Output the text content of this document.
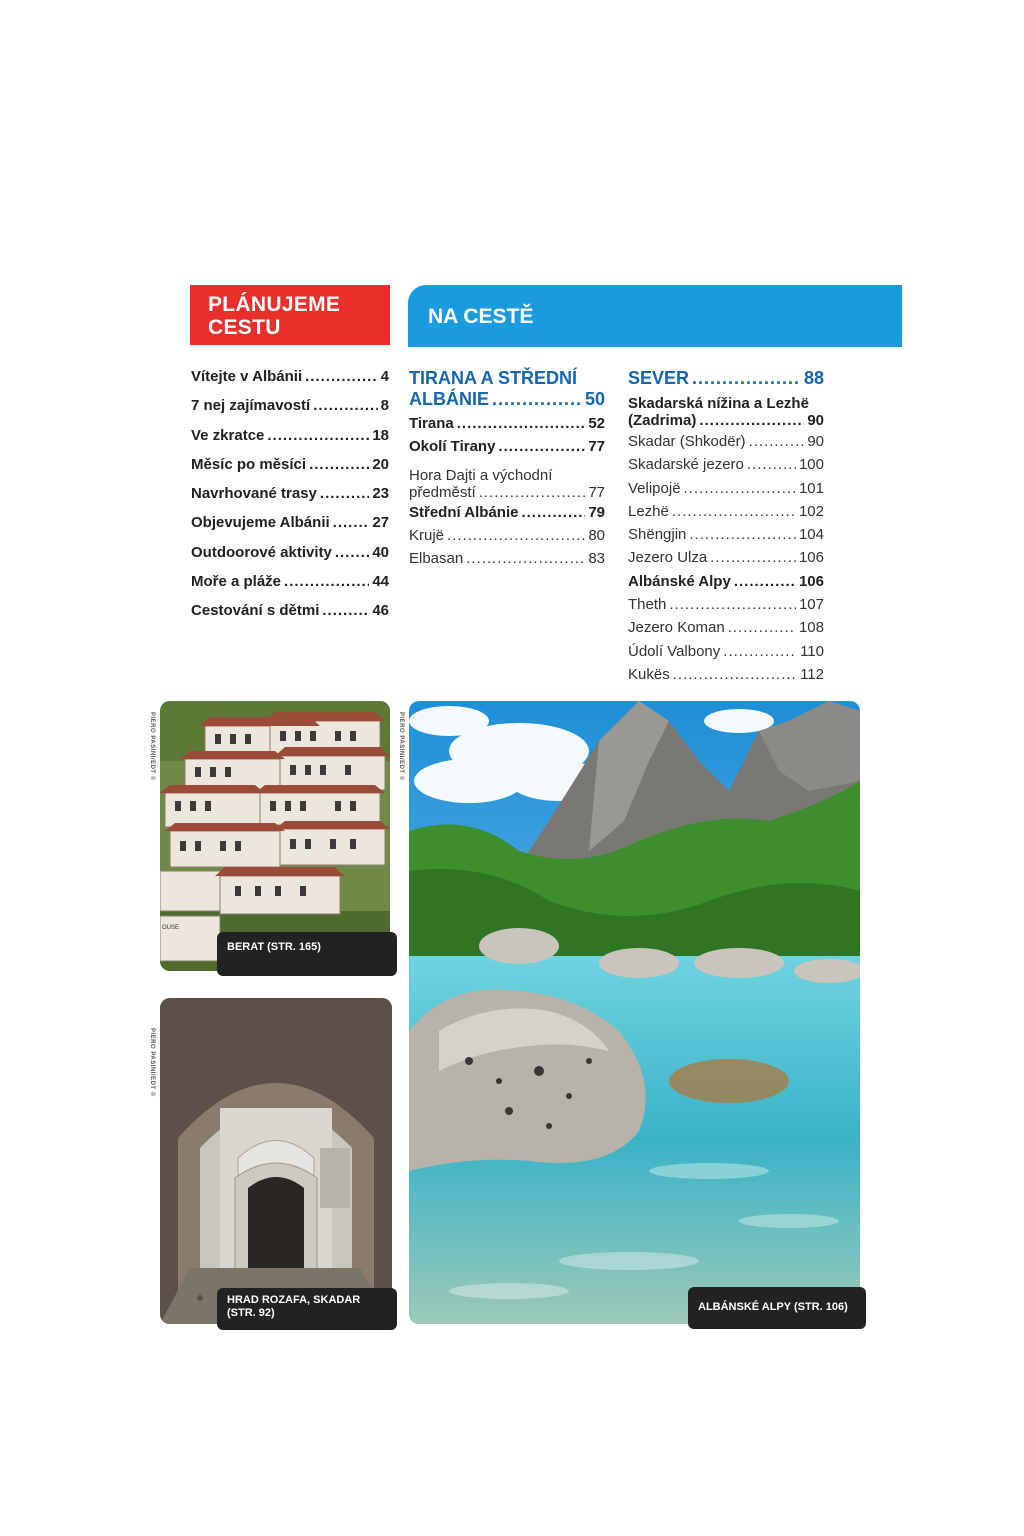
PLÁNUJEME
CESTU	NA CESTĚ
Vítejte v Albánii .....	4
7 nej zajímavostí .....	8
Ve zkratce .....	18
Měsíc po měsíci .....	20
Navrhované trasy .....	23
Objevujeme Albánii .....	27
Outdoorové aktivity .....	40
Moře a pláže .....	44
Cestování s dětmi .....	46
TIRANA A STŘEDNÍ
ALBÁNIE .....	50
Tirana .....	52
Okolí Tirany .....	77
Hora Dajti a východní
předměstí .....	77
Střední Albánie .....	79
Krujë .....	80
Elbasan .....	83
SEVER .....	88
Skadarská nížina a Lezhë
(Zadrima) .....	90
Skadar (Shkodër) .....	90
Skadarské jezero .....	100
Velipojë .....	101
Lezhë .....	102
Shëngjin .....	104
Jezero Ulza .....	106
Albánské Alpy .....	106
Theth .....	107
Jezero Koman .....	108
Údolí Valbony .....	110
Kukës .....	112
PIERO PASINI/EDT ©
OUSE
BERAT (STR. 165)
PIERO PASINI/EDT ©
HRAD ROZAFA, SKADAR
(STR. 92)
PIERO PASINI/EDT ©
ALBÁNSKÉ ALPY (STR. 106)
